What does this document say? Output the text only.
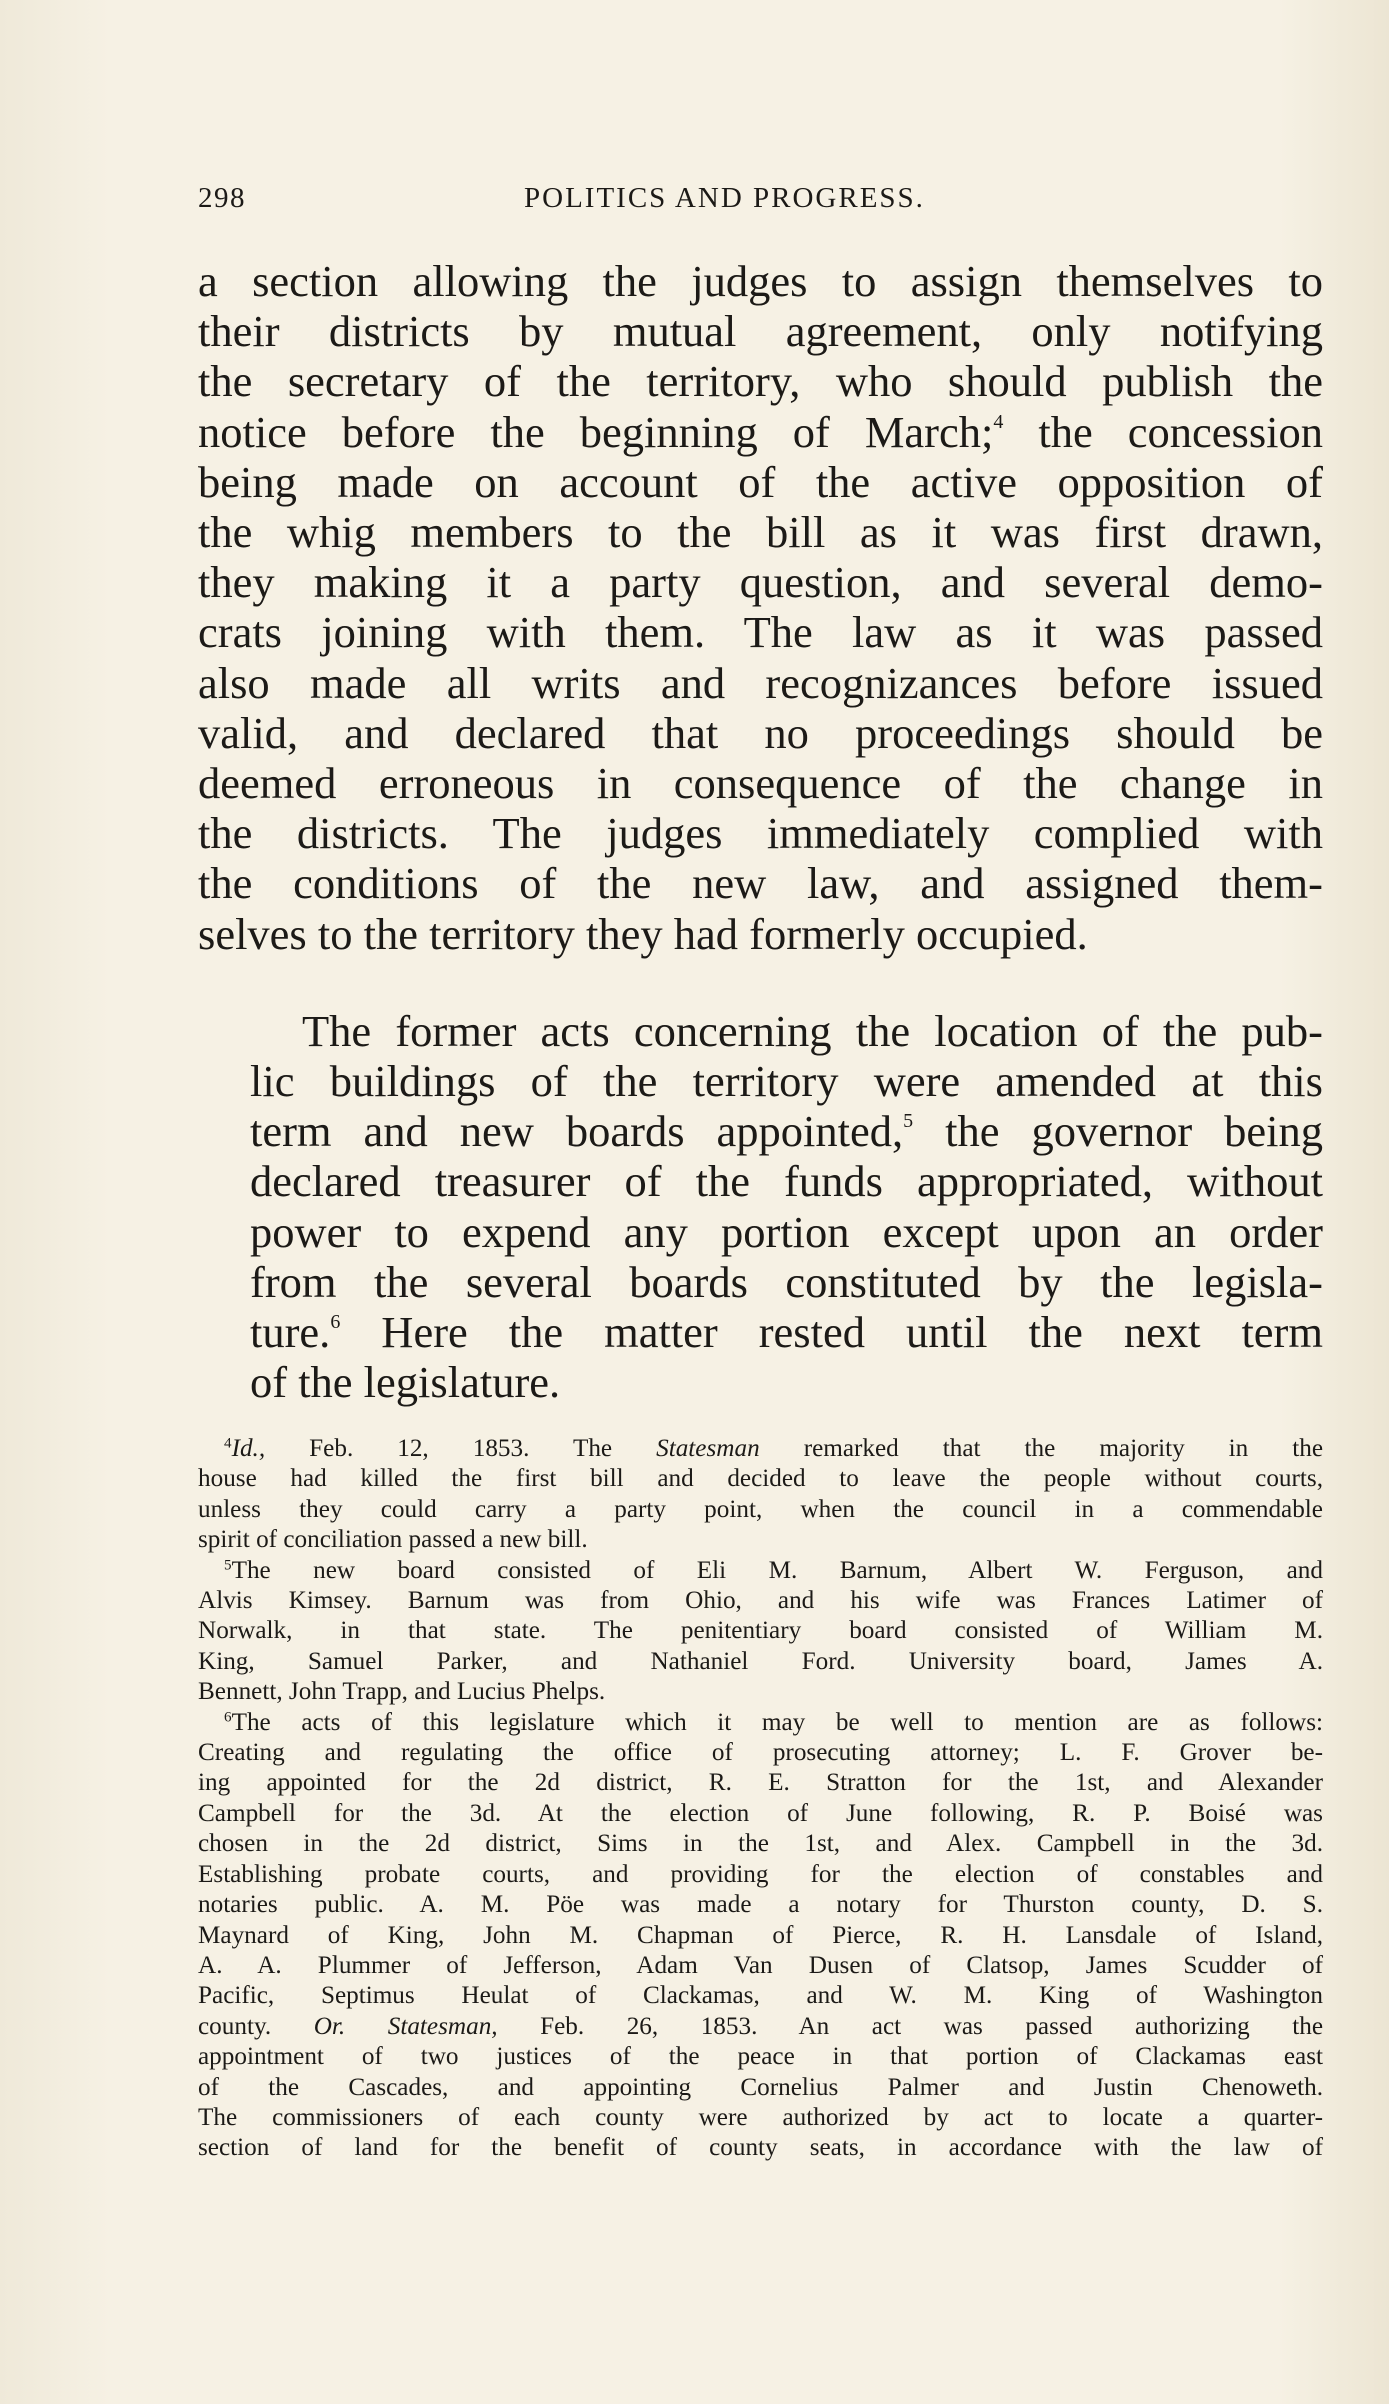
298	POLITICS AND PROGRESS.
a section allowing the judges to assign themselves to
their districts by mutual agreement, only notifying
the secretary of the territory, who should publish the
notice before the beginning of March;$^4$ the concession
being made on account of the active opposition of
the whig members to the bill as it was first drawn,
they making it a party question, and several demo-
crats joining with them. The law as it was passed
also made all writs and recognizances before issued
valid, and declared that no proceedings should be
deemed erroneous in consequence of the change in
the districts. The judges immediately complied with
the conditions of the new law, and assigned them-
selves to the territory they had formerly occupied.
The former acts concerning the location of the pub-
lic buildings of the territory were amended at this
term and new boards appointed,$^5$ the governor being
declared treasurer of the funds appropriated, without
power to expend any portion except upon an order
from the several boards constituted by the legisla-
ture.$^6$ Here the matter rested until the next term
of the legislature.
$^4$Id., Feb. 12, 1853. The Statesman remarked that the majority in the
house had killed the first bill and decided to leave the people without courts,
unless they could carry a party point, when the council in a commendable
spirit of conciliation passed a new bill.
$^5$The new board consisted of Eli M. Barnum, Albert W. Ferguson, and
Alvis Kimsey. Barnum was from Ohio, and his wife was Frances Latimer of
Norwalk, in that state. The penitentiary board consisted of William M.
King, Samuel Parker, and Nathaniel Ford. University board, James A.
Bennett, John Trapp, and Lucius Phelps.
$^6$The acts of this legislature which it may be well to mention are as follows:
Creating and regulating the office of prosecuting attorney; L. F. Grover be-
ing appointed for the 2d district, R. E. Stratton for the 1st, and Alexander
Campbell for the 3d. At the election of June following, R. P. Boisé was
chosen in the 2d district, Sims in the 1st, and Alex. Campbell in the 3d.
Establishing probate courts, and providing for the election of constables and
notaries public. A. M. Pöe was made a notary for Thurston county, D. S.
Maynard of King, John M. Chapman of Pierce, R. H. Lansdale of Island,
A. A. Plummer of Jefferson, Adam Van Dusen of Clatsop, James Scudder of
Pacific, Septimus Heulat of Clackamas, and W. M. King of Washington
county. Or. Statesman, Feb. 26, 1853. An act was passed authorizing the
appointment of two justices of the peace in that portion of Clackamas east
of the Cascades, and appointing Cornelius Palmer and Justin Chenoweth.
The commissioners of each county were authorized by act to locate a quarter-
section of land for the benefit of county seats, in accordance with the law of
